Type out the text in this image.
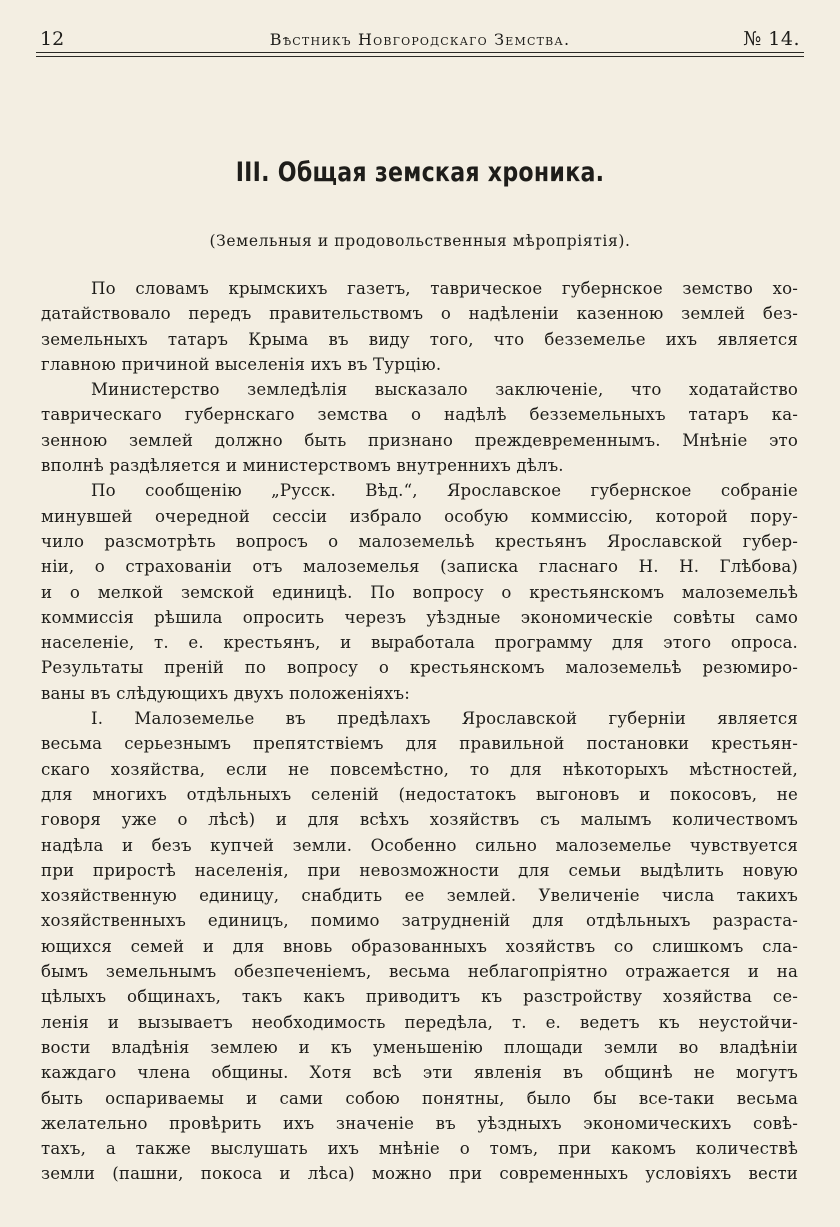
12	Вѣстникъ Новгородскаго Земства.	№ 14.
III. Общая земская хроника.
(Земельныя и продовольственныя мѣропріятія).
По словамъ крымскихъ газетъ, таврическое губернское земство хо-
датайствовало передъ правительствомъ о надѣленіи казенною землей без-
земельныхъ татаръ Крыма въ виду того, что безземелье ихъ является
главною причиной выселенія ихъ въ Турцію.
Министерство земледѣлія высказало заключеніе, что ходатайство
таврическаго губернскаго земства о надѣлѣ безземельныхъ татаръ ка-
зенною землей должно быть признано преждевременнымъ. Мнѣніе это
вполнѣ раздѣляется и министерствомъ внутреннихъ дѣлъ.
По сообщенію „Русск. Вѣд.“, Ярославское губернское собраніе
минувшей очередной сессіи избрало особую коммиссію, которой пору-
чило разсмотрѣть вопросъ о малоземельѣ крестьянъ Ярославской губер-
ніи, о страхованіи отъ малоземелья (записка гласнаго Н. Н. Глѣбова)
и о мелкой земской единицѣ. По вопросу о крестьянскомъ малоземельѣ
коммиссія рѣшила опросить черезъ уѣздные экономическіе совѣты само
населеніе, т. е. крестьянъ, и выработала программу для этого опроса.
Результаты преній по вопросу о крестьянскомъ малоземельѣ резюмиро-
ваны въ слѣдующихъ двухъ положеніяхъ:
I. Малоземелье въ предѣлахъ Ярославской губерніи является
весьма серьезнымъ препятствіемъ для правильной постановки крестьян-
скаго хозяйства, если не повсемѣстно, то для нѣкоторыхъ мѣстностей,
для многихъ отдѣльныхъ селеній (недостатокъ выгоновъ и покосовъ, не
говоря уже о лѣсѣ) и для всѣхъ хозяйствъ съ малымъ количествомъ
надѣла и безъ купчей земли. Особенно сильно малоземелье чувствуется
при приростѣ населенія, при невозможности для семьи выдѣлить новую
хозяйственную единицу, снабдить ее землей. Увеличеніе числа такихъ
хозяйственныхъ единицъ, помимо затрудненій для отдѣльныхъ разраста-
ющихся семей и для вновь образованныхъ хозяйствъ со слишкомъ сла-
бымъ земельнымъ обезпеченіемъ, весьма неблагопріятно отражается и на
цѣлыхъ общинахъ, такъ какъ приводитъ къ разстройству хозяйства се-
ленія и вызываетъ необходимость передѣла, т. е. ведетъ къ неустойчи-
вости владѣнія землею и къ уменьшенію площади земли во владѣніи
каждаго члена общины. Хотя всѣ эти явленія въ общинѣ не могутъ
быть оспариваемы и сами собою понятны, было бы все-таки весьма
желательно провѣрить ихъ значеніе въ уѣздныхъ экономическихъ совѣ-
тахъ, а также выслушать ихъ мнѣніе о томъ, при какомъ количествѣ
земли (пашни, покоса и лѣса) можно при современныхъ условіяхъ вести
